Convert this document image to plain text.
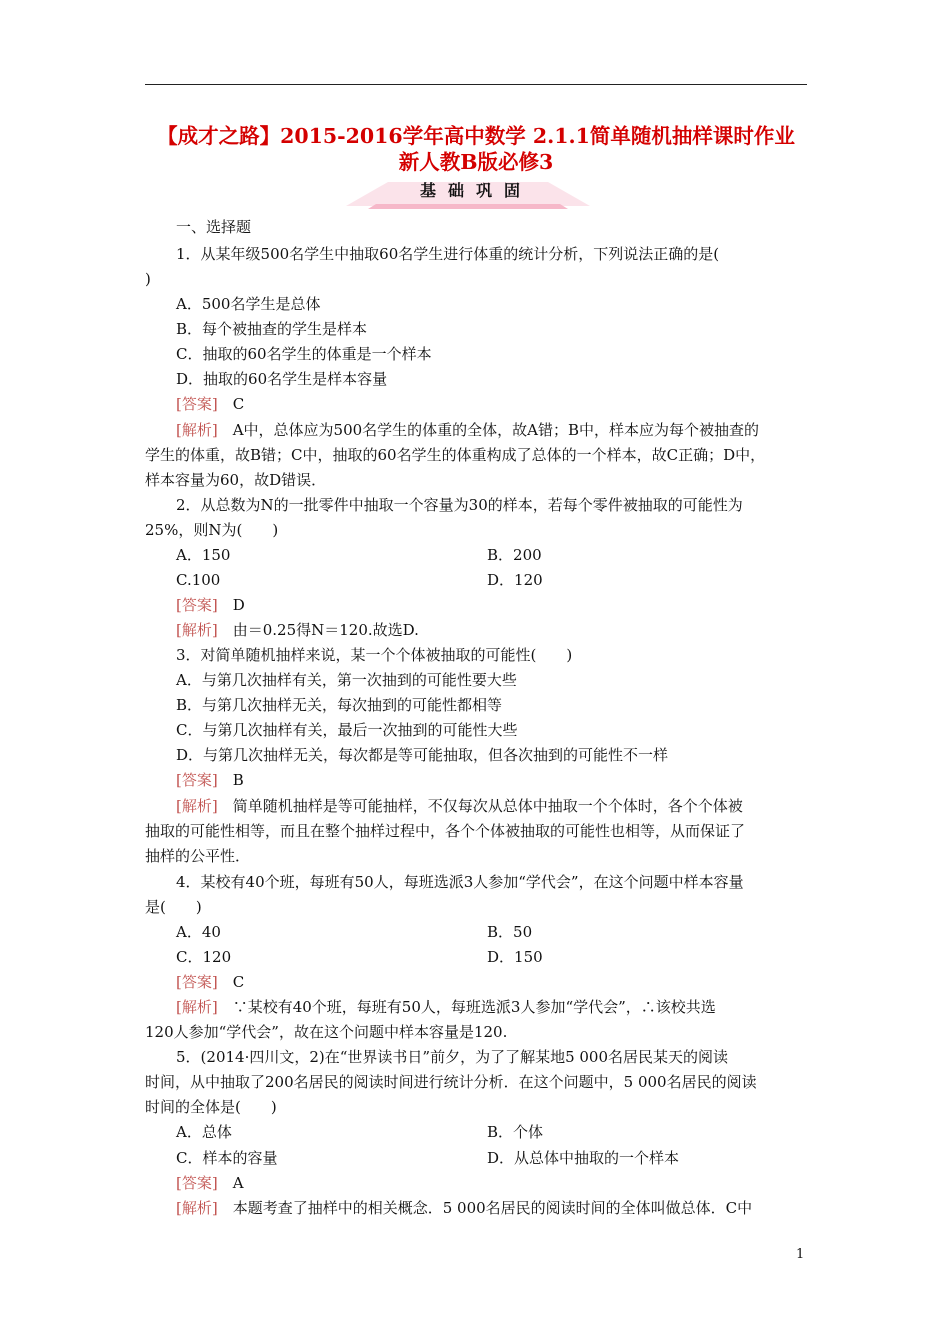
【成才之路】2015-2016学年高中数学 2.1.1简单随机抽样课时作业
新人教B版必修3
基础巩固
一、选择题
1．从某年级500名学生中抽取60名学生进行体重的统计分析，下列说法正确的是(
)
A．500名学生是总体
B．每个被抽查的学生是样本
C．抽取的60名学生的体重是一个样本
D．抽取的60名学生是样本容量
[答案]　C
[解析]　A中，总体应为500名学生的体重的全体，故A错；B中，样本应为每个被抽查的
学生的体重，故B错；C中，抽取的60名学生的体重构成了总体的一个样本，故C正确；D中，
样本容量为60，故D错误．
2．从总数为N的一批零件中抽取一个容量为30的样本，若每个零件被抽取的可能性为
25%，则N为(　　)
A．150	B．200
C.100	D．120
[答案]　D
[解析]　由＝0.25得N＝120.故选D.
3．对简单随机抽样来说，某一个个体被抽取的可能性(　　)
A．与第几次抽样有关，第一次抽到的可能性要大些
B．与第几次抽样无关，每次抽到的可能性都相等
C．与第几次抽样有关，最后一次抽到的可能性大些
D．与第几次抽样无关，每次都是等可能抽取，但各次抽到的可能性不一样
[答案]　B
[解析]　简单随机抽样是等可能抽样，不仅每次从总体中抽取一个个体时，各个个体被
抽取的可能性相等，而且在整个抽样过程中，各个个体被抽取的可能性也相等，从而保证了
抽样的公平性．
4．某校有40个班，每班有50人，每班选派3人参加“学代会”，在这个问题中样本容量
是(　　)
A．40	B．50
C．120	D．150
[答案]　C
[解析]　∵某校有40个班，每班有50人，每班选派3人参加“学代会”，∴该校共选
120人参加“学代会”，故在这个问题中样本容量是120.
5．(2014·四川文，2)在“世界读书日”前夕，为了了解某地5 000名居民某天的阅读
时间，从中抽取了200名居民的阅读时间进行统计分析．在这个问题中，5 000名居民的阅读
时间的全体是(　　)
A．总体	B．个体
C．样本的容量	D．从总体中抽取的一个样本
[答案]　A
[解析]　本题考查了抽样中的相关概念．5 000名居民的阅读时间的全体叫做总体．C中
1
